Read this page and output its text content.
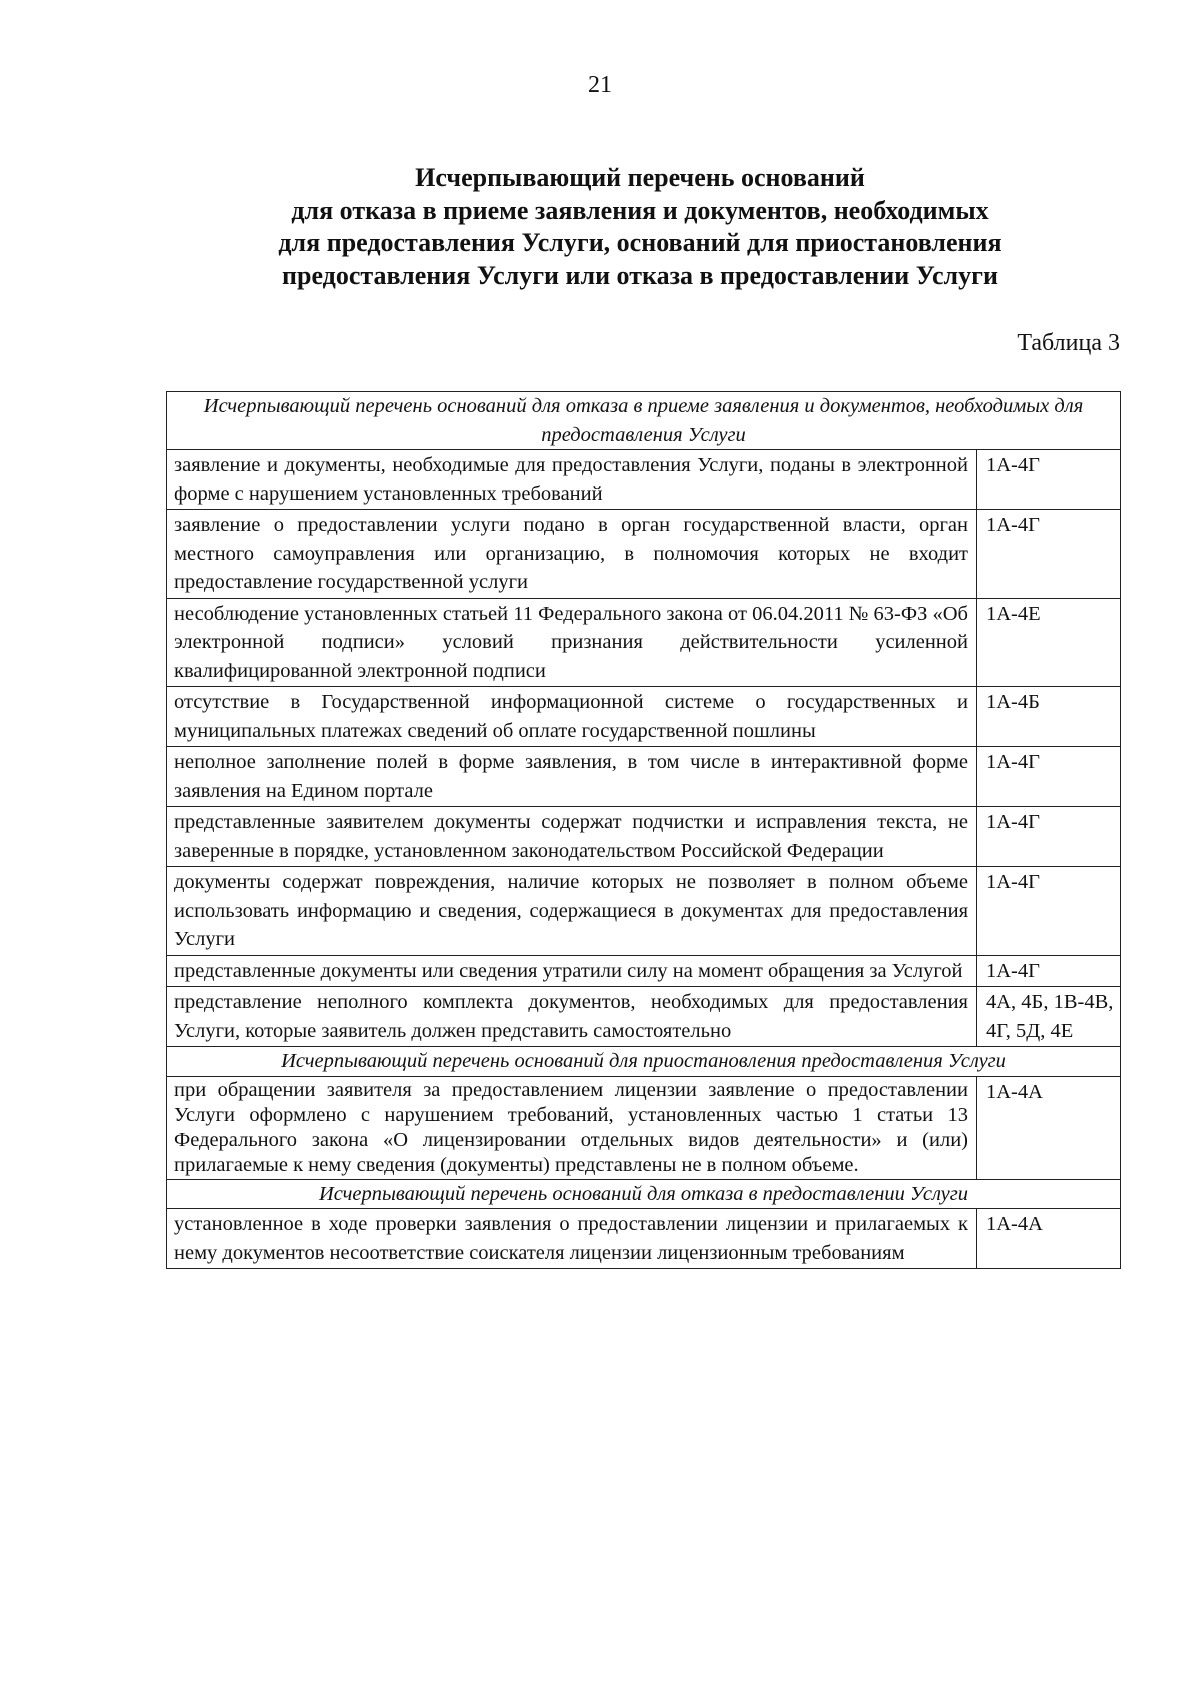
21
Исчерпывающий перечень оснований
для отказа в приеме заявления и документов, необходимых
для предоставления Услуги, оснований для приостановления
предоставления Услуги или отказа в предоставлении Услуги
Таблица 3
Исчерпывающий перечень оснований для отказа в приеме заявления и документов, необходимых для предоставления Услуги	
заявление и документы, необходимые для предоставления Услуги, поданы в электронной форме с нарушением установленных требований	1А-4Г
заявление о предоставлении услуги подано в орган государственной власти, орган местного самоуправления или организацию, в полномочия которых не входит предоставление государственной услуги	1А-4Г
несоблюдение установленных статьей 11 Федерального закона от 06.04.2011 № 63-ФЗ «Об электронной подписи» условий признания действительности усиленной квалифицированной электронной подписи	1А-4Е
отсутствие в Государственной информационной системе о государственных и муниципальных платежах сведений об оплате государственной пошлины	1А-4Б
неполное заполнение полей в форме заявления, в том числе в интерактивной форме заявления на Едином портале	1А-4Г
представленные заявителем документы содержат подчистки и исправления текста, не заверенные в порядке, установленном законодательством Российской Федерации	1А-4Г
документы содержат повреждения, наличие которых не позволяет в полном объеме использовать информацию и сведения, содержащиеся в документах для предоставления Услуги	1А-4Г
представленные документы или сведения утратили силу на момент обращения за Услугой	1А-4Г
представление неполного комплекта документов, необходимых для предоставления Услуги, которые заявитель должен представить самостоятельно	4А, 4Б, 1В-4В, 4Г, 5Д, 4Е
Исчерпывающий перечень оснований для приостановления предоставления Услуги	
при обращении заявителя за предоставлением лицензии заявление о предоставлении Услуги оформлено с нарушением требований, установленных частью 1 статьи 13 Федерального закона «О лицензировании отдельных видов деятельности» и (или) прилагаемые к нему сведения (документы) представлены не в полном объеме.	1А-4А
Исчерпывающий перечень оснований для отказа в предоставлении Услуги	
установленное в ходе проверки заявления о предоставлении лицензии и прилагаемых к нему документов несоответствие соискателя лицензии лицензионным требованиям	1А-4А
